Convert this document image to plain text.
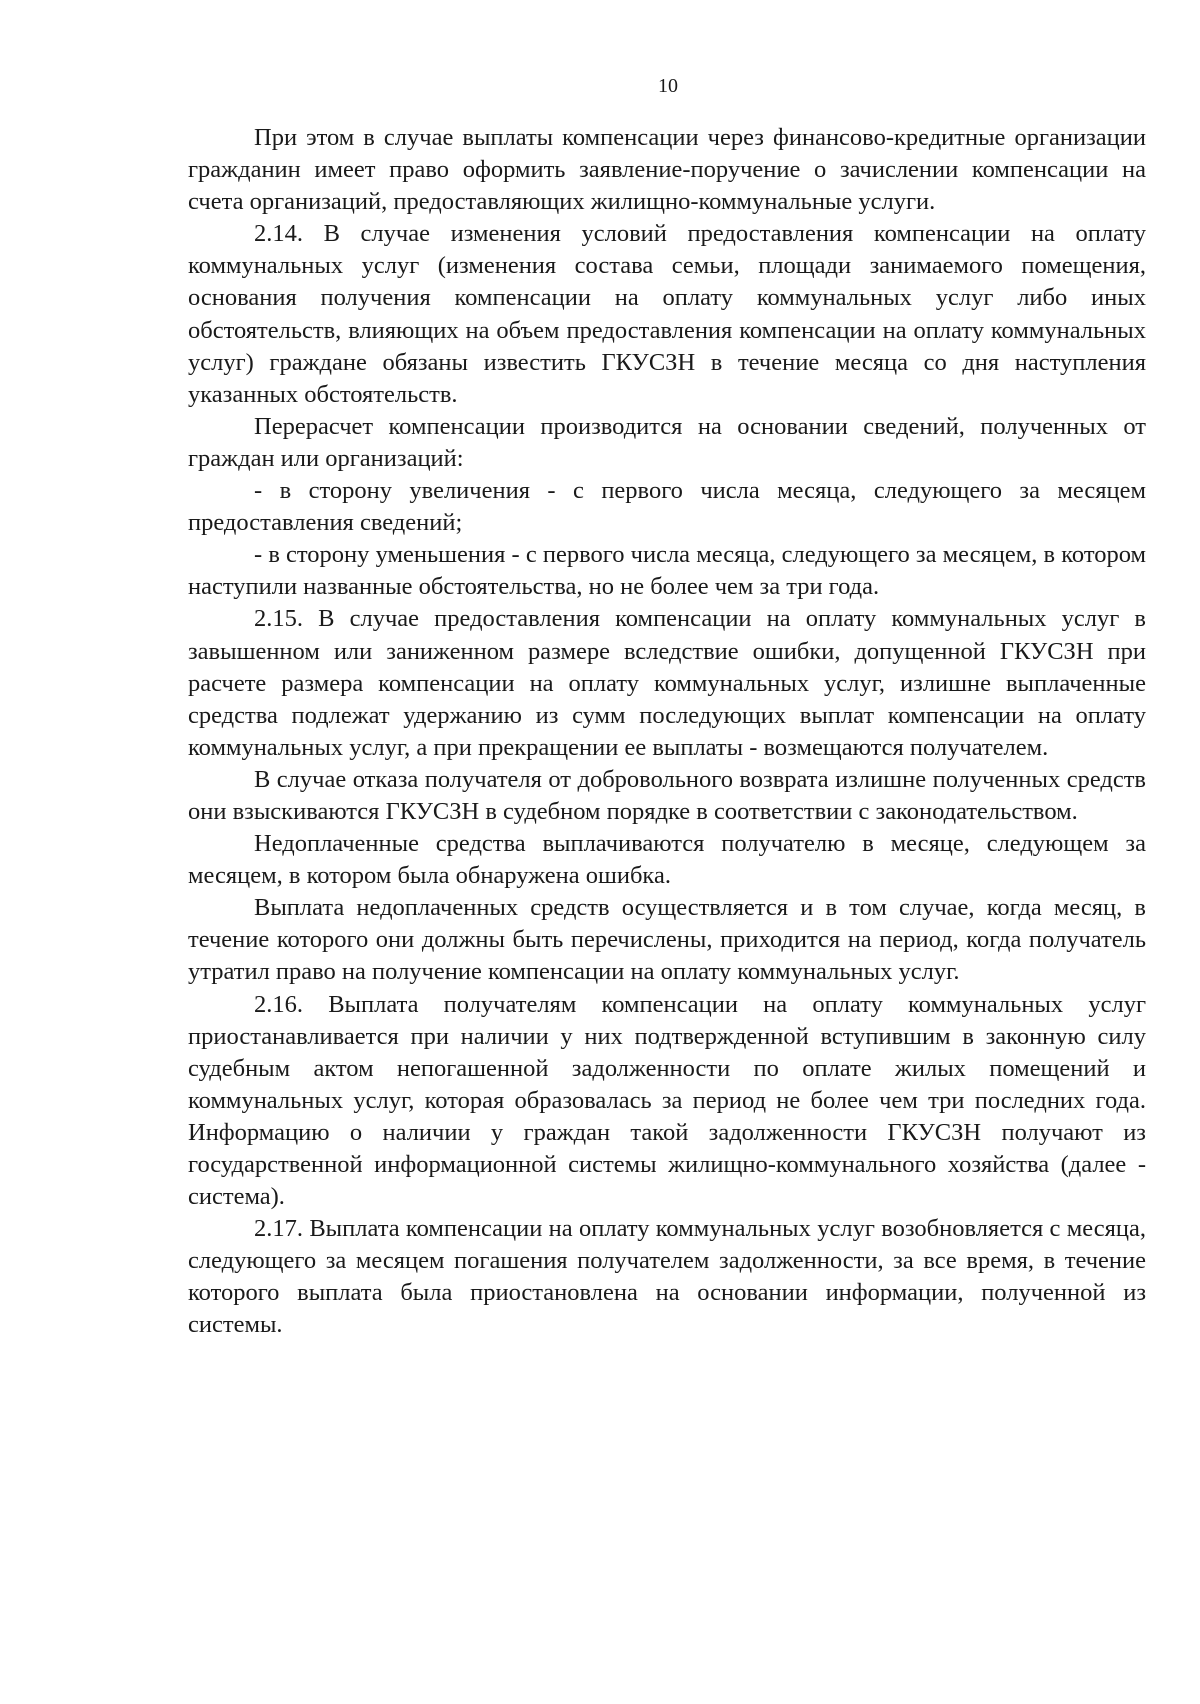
10

При этом в случае выплаты компенсации через финансово-кредитные организации гражданин имеет право оформить заявление-поручение о зачислении компенсации на счета организаций, предоставляющих жилищно-коммунальные услуги.

2.14. В случае изменения условий предоставления компенсации на оплату коммунальных услуг (изменения состава семьи, площади занимаемого помещения, основания получения компенсации на оплату коммунальных услуг либо иных обстоятельств, влияющих на объем предоставления компенсации на оплату коммунальных услуг) граждане обязаны известить ГКУСЗН в течение месяца со дня наступления указанных обстоятельств.

Перерасчет компенсации производится на основании сведений, полученных от граждан или организаций:

- в сторону увеличения - с первого числа месяца, следующего за месяцем предоставления сведений;

- в сторону уменьшения - с первого числа месяца, следующего за месяцем, в котором наступили названные обстоятельства, но не более чем за три года.

2.15. В случае предоставления компенсации на оплату коммунальных услуг в завышенном или заниженном размере вследствие ошибки, допущенной ГКУСЗН при расчете размера компенсации на оплату коммунальных услуг, излишне выплаченные средства подлежат удержанию из сумм последующих выплат компенсации на оплату коммунальных услуг, а при прекращении ее выплаты - возмещаются получателем.

В случае отказа получателя от добровольного возврата излишне полученных средств они взыскиваются ГКУСЗН в судебном порядке в соответствии с законодательством.

Недоплаченные средства выплачиваются получателю в месяце, следующем за месяцем, в котором была обнаружена ошибка.

Выплата недоплаченных средств осуществляется и в том случае, когда месяц, в течение которого они должны быть перечислены, приходится на период, когда получатель утратил право на получение компенсации на оплату коммунальных услуг.

2.16. Выплата получателям компенсации на оплату коммунальных услуг приостанавливается при наличии у них подтвержденной вступившим в законную силу судебным актом непогашенной задолженности по оплате жилых помещений и коммунальных услуг, которая образовалась за период не более чем три последних года. Информацию о наличии у граждан такой задолженности ГКУСЗН получают из государственной информационной системы жилищно-коммунального хозяйства (далее - система).

2.17. Выплата компенсации на оплату коммунальных услуг возобновляется с месяца, следующего за месяцем погашения получателем задолженности, за все время, в течение которого выплата была приостановлена на основании информации, полученной из системы.
